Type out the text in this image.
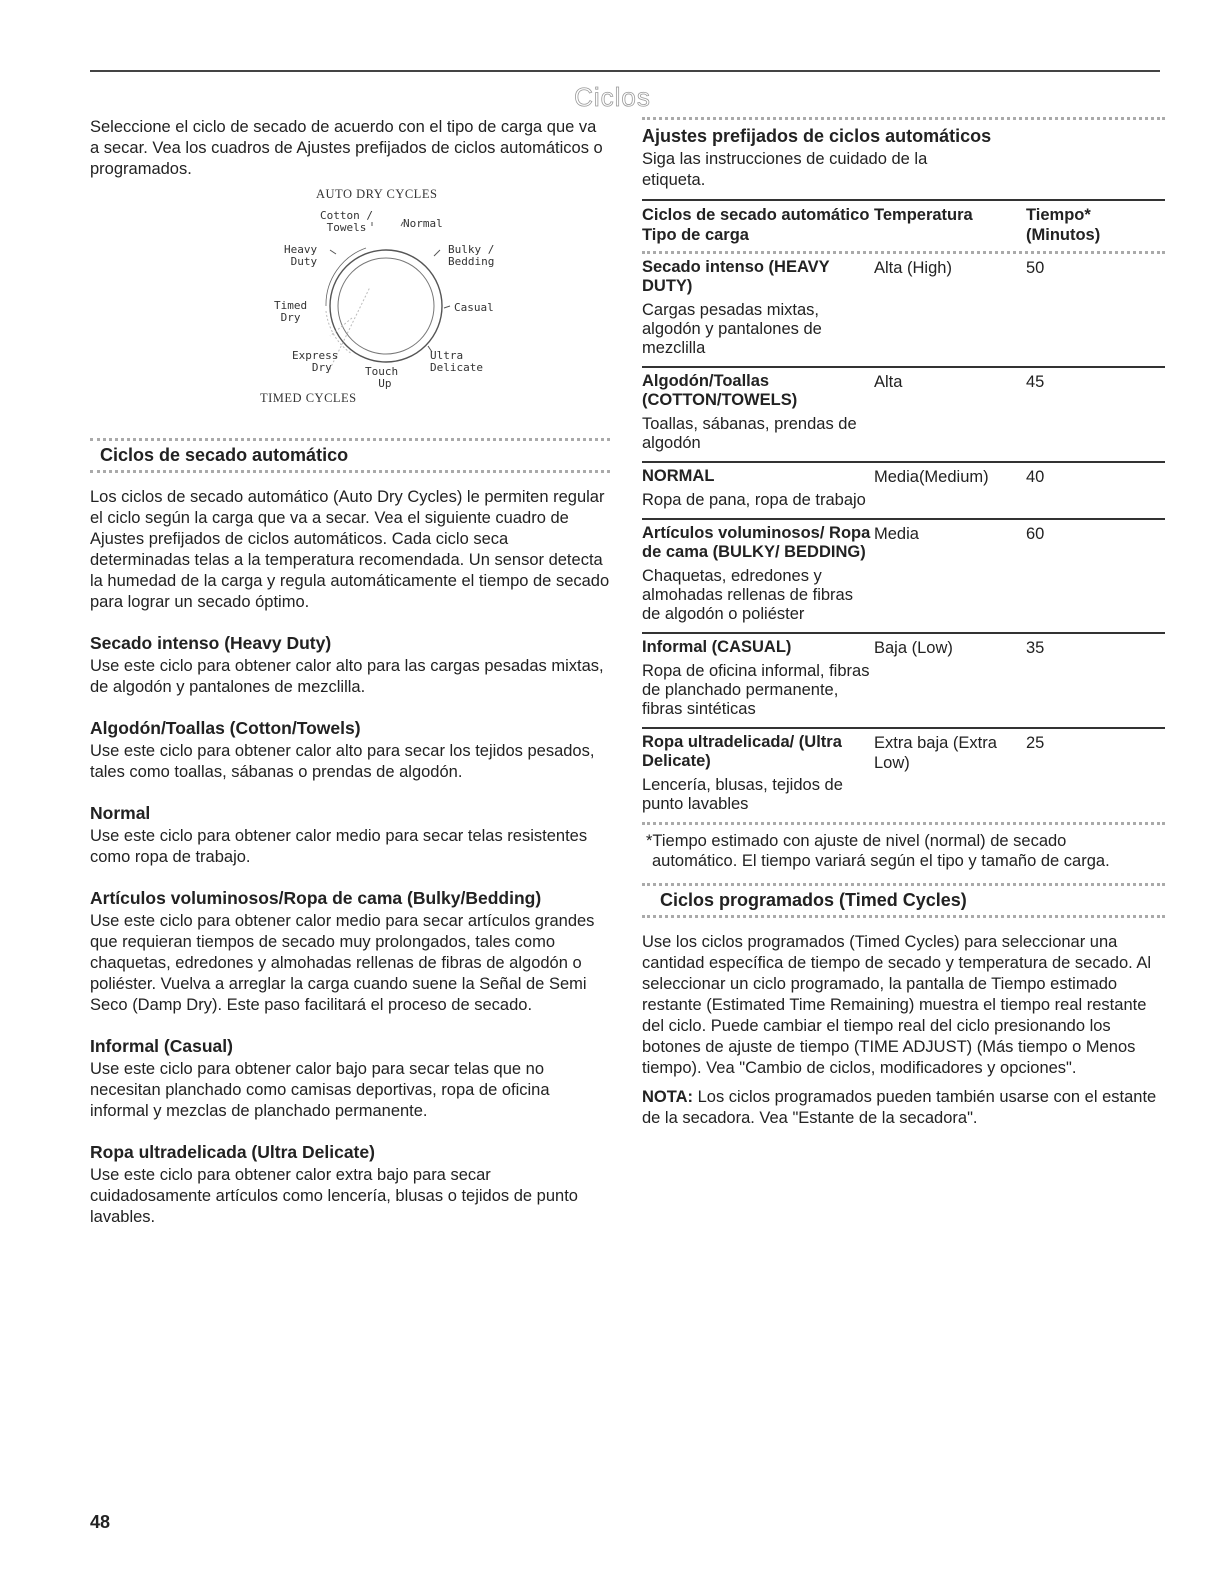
Ciclos

Seleccione el ciclo de secado de acuerdo con el tipo de carga que va a secar. Vea los cuadros de Ajustes prefijados de ciclos automáticos o programados.

AUTO DRY CYCLES
Cotton /
Towels	Normal
Heavy
Duty
Bulky /
Bedding
Timed
Dry
Casual
Express
Dry	Touch
Up
Ultra
Delicate
TIMED CYCLES
Ciclos de secado automático

Los ciclos de secado automático (Auto Dry Cycles) le permiten regular el ciclo según la carga que va a secar. Vea el siguiente cuadro de Ajustes prefijados de ciclos automáticos. Cada ciclo seca determinadas telas a la temperatura recomendada. Un sensor detecta la humedad de la carga y regula automáticamente el tiempo de secado para lograr un secado óptimo.

Secado intenso (Heavy Duty)

Use este ciclo para obtener calor alto para las cargas pesadas mixtas, de algodón y pantalones de mezclilla.

Algodón/Toallas (Cotton/Towels)

Use este ciclo para obtener calor alto para secar los tejidos pesados, tales como toallas, sábanas o prendas de algodón.

Normal

Use este ciclo para obtener calor medio para secar telas resistentes como ropa de trabajo.

Artículos voluminosos/Ropa de cama (Bulky/Bedding)

Use este ciclo para obtener calor medio para secar artículos grandes que requieran tiempos de secado muy prolongados, tales como chaquetas, edredones y almohadas rellenas de fibras de algodón o poliéster. Vuelva a arreglar la carga cuando suene la Señal de Semi Seco (Damp Dry). Este paso facilitará el proceso de secado.

Informal (Casual)

Use este ciclo para obtener calor bajo para secar telas que no necesitan planchado como camisas deportivas, ropa de oficina informal y mezclas de planchado permanente.

Ropa ultradelicada (Ultra Delicate)

Use este ciclo para obtener calor extra bajo para secar cuidadosamente artículos como lencería, blusas o tejidos de punto lavables.

Ajustes prefijados de ciclos automáticos

Siga las instrucciones de cuidado de la etiqueta.

Ciclos de secado automático
Tipo de carga
Temperatura	Tiempo*
(Minutos)
Secado intenso (HEAVY DUTY)
Cargas pesadas mixtas, algodón y pantalones de mezclilla
Alta (High)	50
Algodón/Toallas (COTTON/TOWELS)
Toallas, sábanas, prendas de algodón
Alta	45
NORMAL
Ropa de pana, ropa de trabajo
Media(Medium)	40
Artículos voluminosos/ Ropa de cama (BULKY/ BEDDING)
Chaquetas, edredones y almohadas rellenas de fibras de algodón o poliéster
Media	60
Informal (CASUAL)
Ropa de oficina informal, fibras de planchado permanente, fibras sintéticas
Baja (Low)	35
Ropa ultradelicada/ (Ultra Delicate)
Lencería, blusas, tejidos de punto lavables
Extra baja (Extra Low)
25
*Tiempo estimado con ajuste de nivel (normal) de secado
automático. El tiempo variará según el tipo y tamaño de carga.
Ciclos programados (Timed Cycles)

Use los ciclos programados (Timed Cycles) para seleccionar una cantidad específica de tiempo de secado y temperatura de secado. Al seleccionar un ciclo programado, la pantalla de Tiempo estimado restante (Estimated Time Remaining) muestra el tiempo real restante del ciclo. Puede cambiar el tiempo real del ciclo presionando los botones de ajuste de tiempo (TIME ADJUST) (Más tiempo o Menos tiempo). Vea "Cambio de ciclos, modificadores y opciones".

NOTA: Los ciclos programados pueden también usarse con el estante de la secadora. Vea "Estante de la secadora".

48
